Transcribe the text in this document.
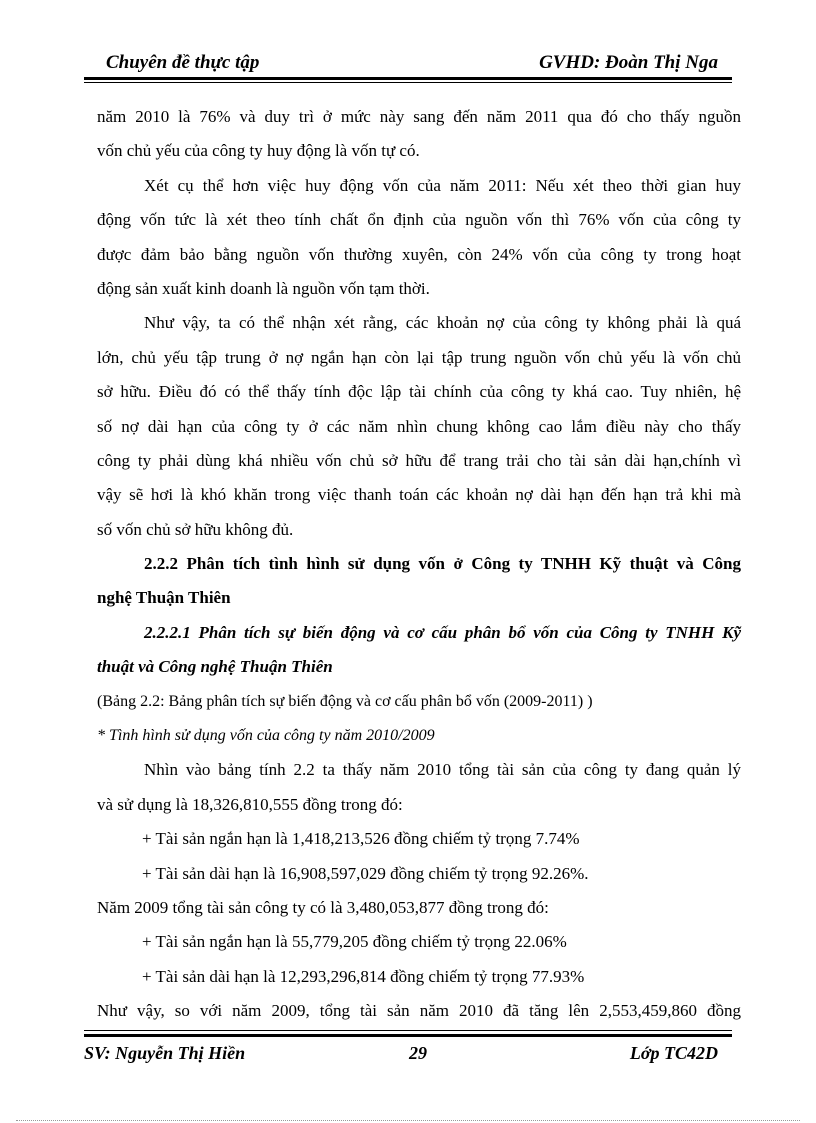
Chuyên đề thực tập	GVHD: Đoàn Thị Nga
năm 2010 là 76% và duy trì ở mức này sang đến năm 2011 qua đó cho thấy nguồn
vốn chủ yếu của công ty huy động là vốn tự có.
Xét cụ thể hơn việc huy động vốn của năm 2011: Nếu xét theo thời gian huy
động vốn tức là xét theo tính chất ổn định của nguồn vốn thì 76% vốn của công ty
được đảm bảo bằng nguồn vốn thường xuyên, còn 24% vốn của công ty trong hoạt
động sản xuất kinh doanh là nguồn vốn tạm thời.
Như vậy, ta có thể nhận xét rằng, các khoản nợ của công ty không phải là quá
lớn, chủ yếu tập trung ở nợ ngắn hạn còn lại tập trung nguồn vốn chủ yếu là vốn chủ
sở hữu. Điều đó có thể thấy tính độc lập tài chính của công ty khá cao. Tuy nhiên, hệ
số nợ dài hạn của công ty ở các năm nhìn chung không cao lắm điều này cho thấy
công ty phải dùng khá nhiều vốn chủ sở hữu để trang trải cho tài sản dài hạn,chính vì
vậy sẽ hơi là khó khăn trong việc thanh toán các khoản nợ dài hạn đến hạn trả khi mà
số vốn chủ sở hữu không đủ.
2.2.2 Phân tích tình hình sử dụng vốn ở Công ty TNHH Kỹ thuật và Công
nghệ Thuận Thiên
2.2.2.1 Phân tích sự biến động và cơ cấu phân bổ vốn của Công ty TNHH Kỹ
thuật và Công nghệ Thuận Thiên
(Bảng 2.2: Bảng phân tích sự biến động và cơ cấu phân bổ vốn (2009-2011) )
* Tình hình sử dụng vốn của công ty năm 2010/2009
Nhìn vào bảng tính 2.2 ta thấy năm 2010 tổng tài sản của công ty đang quản lý
và sử dụng là 18,326,810,555 đồng trong đó:
+ Tài sản ngắn hạn là 1,418,213,526 đồng chiếm tỷ trọng 7.74%
+ Tài sản dài hạn là 16,908,597,029 đồng chiếm tỷ trọng 92.26%.
Năm 2009 tổng tài sản công ty có là 3,480,053,877 đồng trong đó:
+ Tài sản ngắn hạn là 55,779,205 đồng chiếm tỷ trọng 22.06%
+ Tài sản dài hạn là 12,293,296,814 đồng chiếm tỷ trọng 77.93%
Như vậy, so với năm 2009, tổng tài sản năm 2010 đã tăng lên 2,553,459,860 đồng
SV: Nguyễn Thị Hiền	29	Lớp TC42D
